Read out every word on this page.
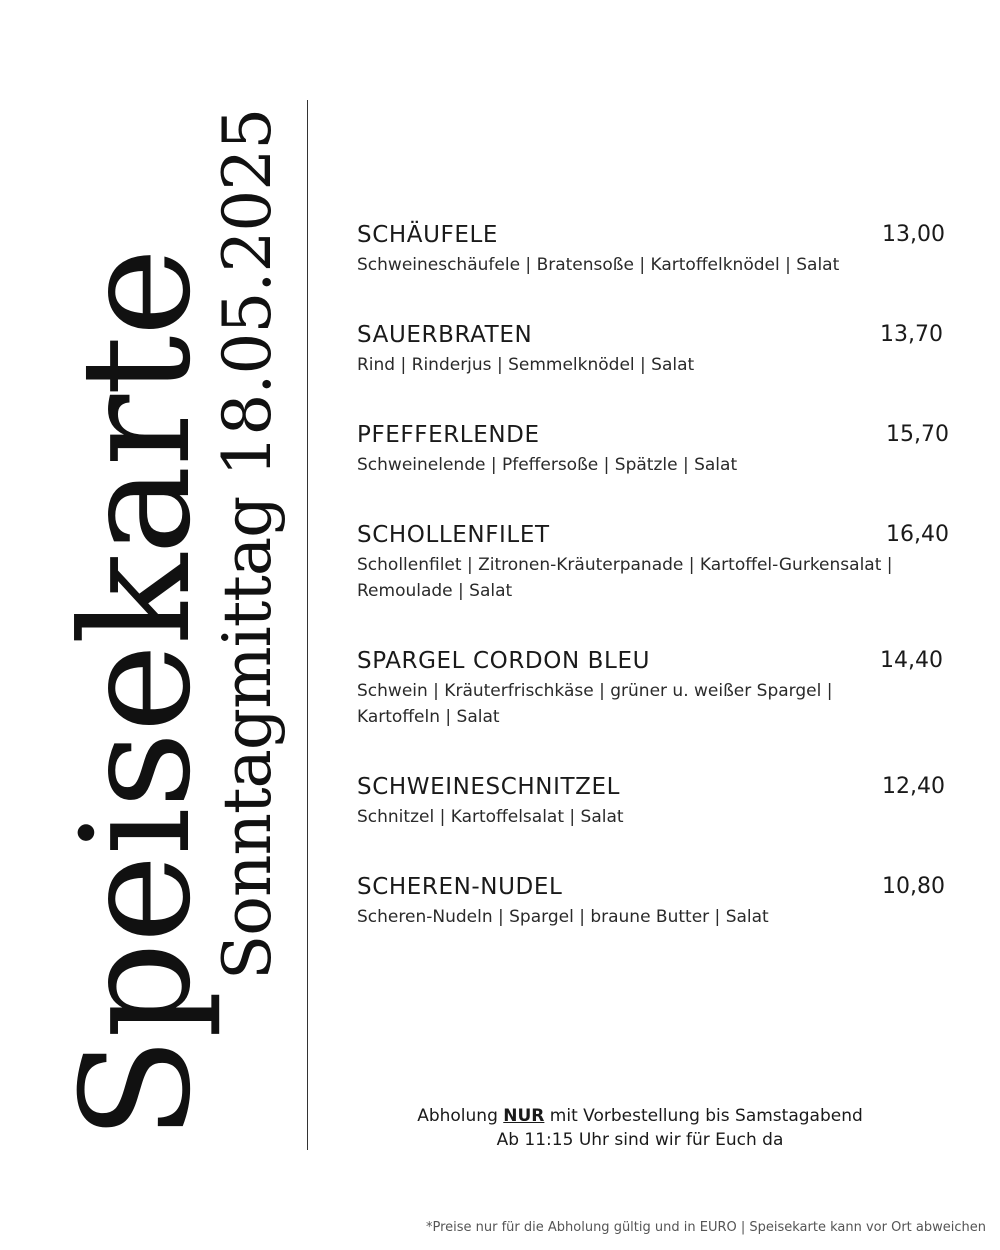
Speisekarte
Sonntagmittag 18.05.2025	SCHÄUFELE	13,00
Schweineschäufele | Bratensoße | Kartoffelknödel | Salat
SAUERBRATEN	13,70
Rind | Rinderjus | Semmelknödel | Salat
PFEFFERLENDE	15,70
Schweinelende | Pfeffersoße | Spätzle | Salat
SCHOLLENFILET	16,40
Schollenfilet | Zitronen-Kräuterpanade | Kartoffel-Gurkensalat | Remoulade | Salat
SPARGEL CORDON BLEU	14,40
Schwein | Kräuterfrischkäse | grüner u. weißer Spargel | Kartoffeln | Salat
SCHWEINESCHNITZEL	12,40
Schnitzel | Kartoffelsalat | Salat
SCHEREN-NUDEL	10,80
Scheren-Nudeln | Spargel | braune Butter | Salat
Abholung NUR mit Vorbestellung bis Samstagabend
Ab 11:15 Uhr sind wir für Euch da
*Preise nur für die Abholung gültig und in EURO | Speisekarte kann vor Ort abweichen
